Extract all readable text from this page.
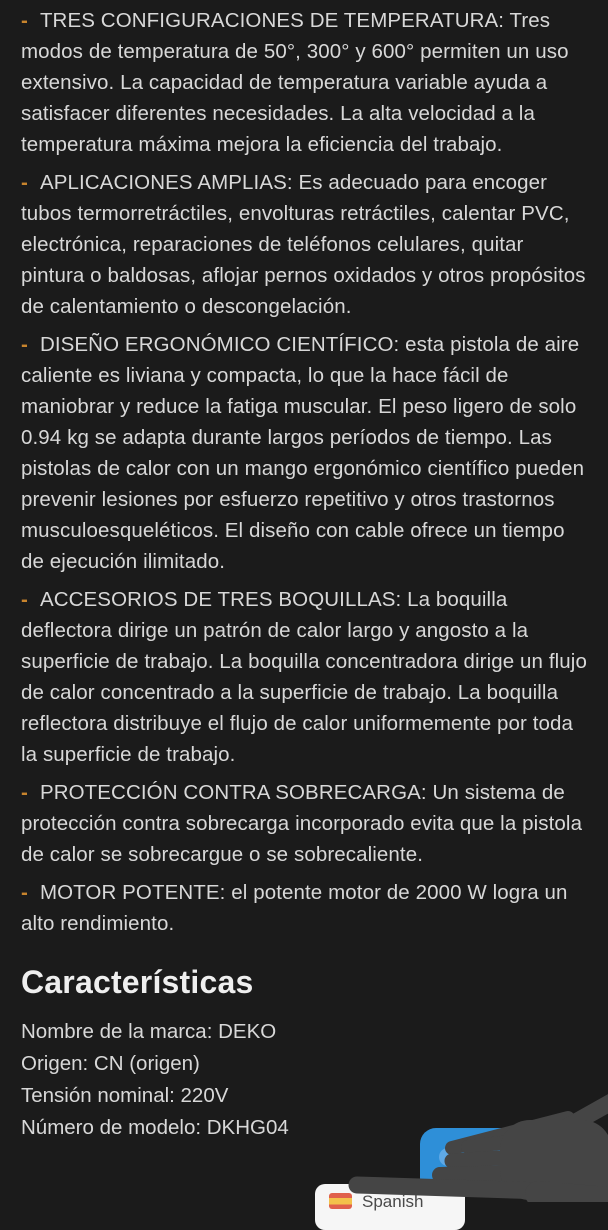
- TRES CONFIGURACIONES DE TEMPERATURA: Tres modos de temperatura de 50°, 300° y 600° permiten un uso extensivo. La capacidad de temperatura variable ayuda a satisfacer diferentes necesidades. La alta velocidad a la temperatura máxima mejora la eficiencia del trabajo.

- APLICACIONES AMPLIAS: Es adecuado para encoger tubos termorretráctiles, envolturas retráctiles, calentar PVC, electrónica, reparaciones de teléfonos celulares, quitar pintura o baldosas, aflojar pernos oxidados y otros propósitos de calentamiento o descongelación.

- DISEÑO ERGONÓMICO CIENTÍFICO: esta pistola de aire caliente es liviana y compacta, lo que la hace fácil de maniobrar y reduce la fatiga muscular. El peso ligero de solo 0.94 kg se adapta durante largos períodos de tiempo. Las pistolas de calor con un mango ergonómico científico pueden prevenir lesiones por esfuerzo repetitivo y otros trastornos musculoesqueléticos. El diseño con cable ofrece un tiempo de ejecución ilimitado.

- ACCESORIOS DE TRES BOQUILLAS: La boquilla deflectora dirige un patrón de calor largo y angosto a la superficie de trabajo. La boquilla concentradora dirige un flujo de calor concentrado a la superficie de trabajo. La boquilla reflectora distribuye el flujo de calor uniformemente por toda la superficie de trabajo.

- PROTECCIÓN CONTRA SOBRECARGA: Un sistema de protección contra sobrecarga incorporado evita que la pistola de calor se sobrecargue o se sobrecaliente.

- MOTOR POTENTE: el potente motor de 2000 W logra un alto rendimiento.

Características
Nombre de la marca: DEKO
Origen: CN (origen)
Tensión nominal: 220V
Número de modelo: DKHG04
Spanish
